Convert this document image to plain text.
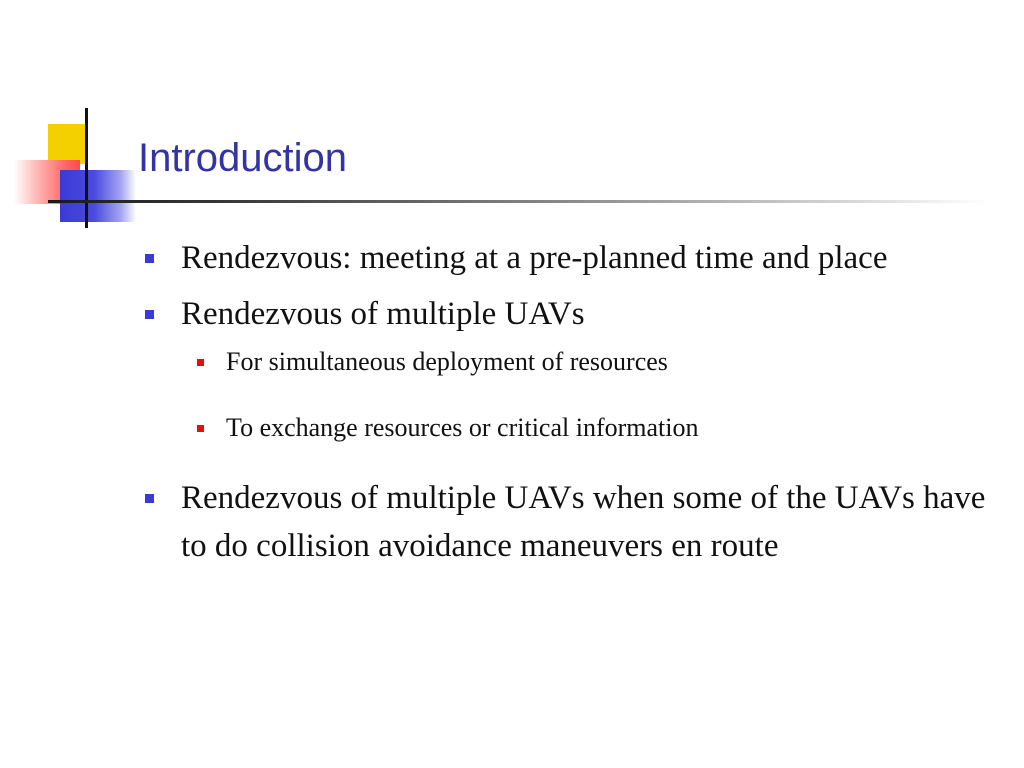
Introduction

Rendezvous: meeting at a pre-planned time and place

Rendezvous of multiple UAVs

For simultaneous deployment of resources

To exchange resources or critical information

Rendezvous of multiple UAVs when some of the UAVs have to do collision avoidance maneuvers en route
